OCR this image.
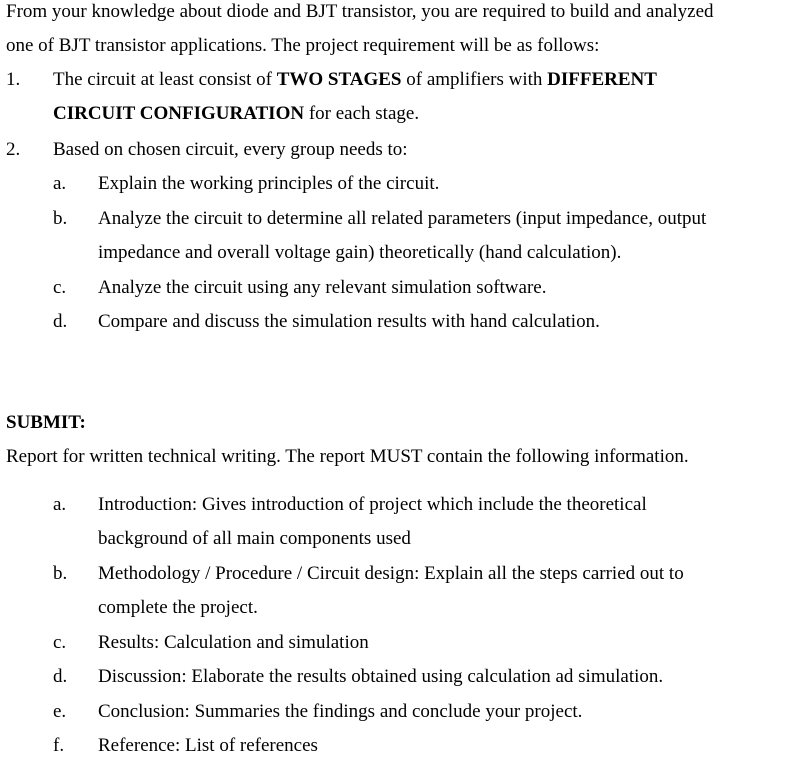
From your knowledge about diode and BJT transistor, you are required to build and analyzed
one of BJT transistor applications. The project requirement will be as follows:
1. The circuit at least consist of TWO STAGES of amplifiers with DIFFERENT
CIRCUIT CONFIGURATION for each stage.
2. Based on chosen circuit, every group needs to:
a. Explain the working principles of the circuit.
b. Analyze the circuit to determine all related parameters (input impedance, output
impedance and overall voltage gain) theoretically (hand calculation).
c. Analyze the circuit using any relevant simulation software.
d. Compare and discuss the simulation results with hand calculation.
SUBMIT:
Report for written technical writing. The report MUST contain the following information.
a. Introduction: Gives introduction of project which include the theoretical
background of all main components used
b. Methodology / Procedure / Circuit design: Explain all the steps carried out to
complete the project.
c. Results: Calculation and simulation
d. Discussion: Elaborate the results obtained using calculation ad simulation.
e. Conclusion: Summaries the findings and conclude your project.
f. Reference: List of references
